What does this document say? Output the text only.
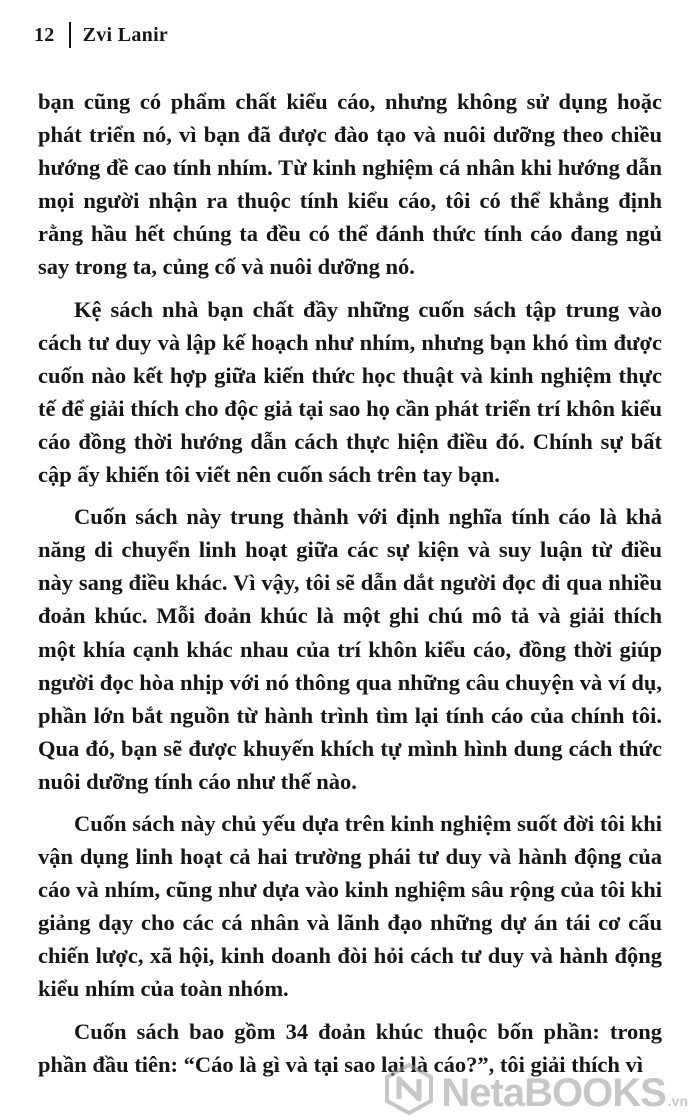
12 Zvi Lanir

bạn cũng có phẩm chất kiểu cáo, nhưng không sử dụng hoặc phát triển nó, vì bạn đã được đào tạo và nuôi dưỡng theo chiều hướng đề cao tính nhím. Từ kinh nghiệm cá nhân khi hướng dẫn mọi người nhận ra thuộc tính kiểu cáo, tôi có thể khẳng định rằng hầu hết chúng ta đều có thể đánh thức tính cáo đang ngủ say trong ta, củng cố và nuôi dưỡng nó.

Kệ sách nhà bạn chất đầy những cuốn sách tập trung vào cách tư duy và lập kế hoạch như nhím, nhưng bạn khó tìm được cuốn nào kết hợp giữa kiến thức học thuật và kinh nghiệm thực tế để giải thích cho độc giả tại sao họ cần phát triển trí khôn kiểu cáo đồng thời hướng dẫn cách thực hiện điều đó. Chính sự bất cập ấy khiến tôi viết nên cuốn sách trên tay bạn.

Cuốn sách này trung thành với định nghĩa tính cáo là khả năng di chuyển linh hoạt giữa các sự kiện và suy luận từ điều này sang điều khác. Vì vậy, tôi sẽ dẫn dắt người đọc đi qua nhiều đoản khúc. Mỗi đoản khúc là một ghi chú mô tả và giải thích một khía cạnh khác nhau của trí khôn kiểu cáo, đồng thời giúp người đọc hòa nhịp với nó thông qua những câu chuyện và ví dụ, phần lớn bắt nguồn từ hành trình tìm lại tính cáo của chính tôi. Qua đó, bạn sẽ được khuyến khích tự mình hình dung cách thức nuôi dưỡng tính cáo như thế nào.

Cuốn sách này chủ yếu dựa trên kinh nghiệm suốt đời tôi khi vận dụng linh hoạt cả hai trường phái tư duy và hành động của cáo và nhím, cũng như dựa vào kinh nghiệm sâu rộng của tôi khi giảng dạy cho các cá nhân và lãnh đạo những dự án tái cơ cấu chiến lược, xã hội, kinh doanh đòi hỏi cách tư duy và hành động kiểu nhím của toàn nhóm.

Cuốn sách bao gồm 34 đoản khúc thuộc bốn phần: trong phần đầu tiên: “Cáo là gì và tại sao lại là cáo?”, tôi giải thích vì

NetaBOOKS .vn
